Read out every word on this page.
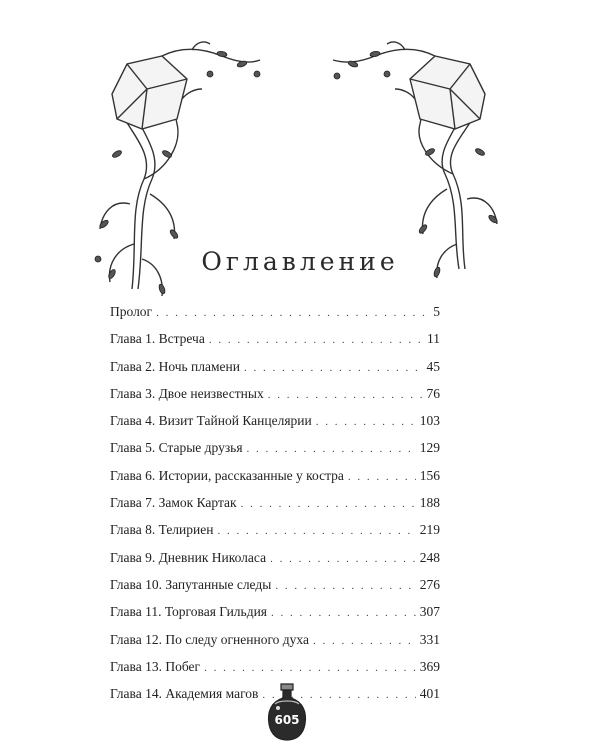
Оглавление
Пролог . . .	5
Глава 1. Встреча . . .	11
Глава 2. Ночь пламени . . .	45
Глава 3. Двое неизвестных . . .	76
Глава 4. Визит Тайной Канцелярии . . .	103
Глава 5. Старые друзья . . .	129
Глава 6. Истории, рассказанные у костра . . .	156
Глава 7. Замок Картак . . .	188
Глава 8. Телириен . . .	219
Глава 9. Дневник Николаса . . .	248
Глава 10. Запутанные следы . . .	276
Глава 11. Торговая Гильдия . . .	307
Глава 12. По следу огненного духа . . .	331
Глава 13. Побег . . .	369
Глава 14. Академия магов . . .	401
605
